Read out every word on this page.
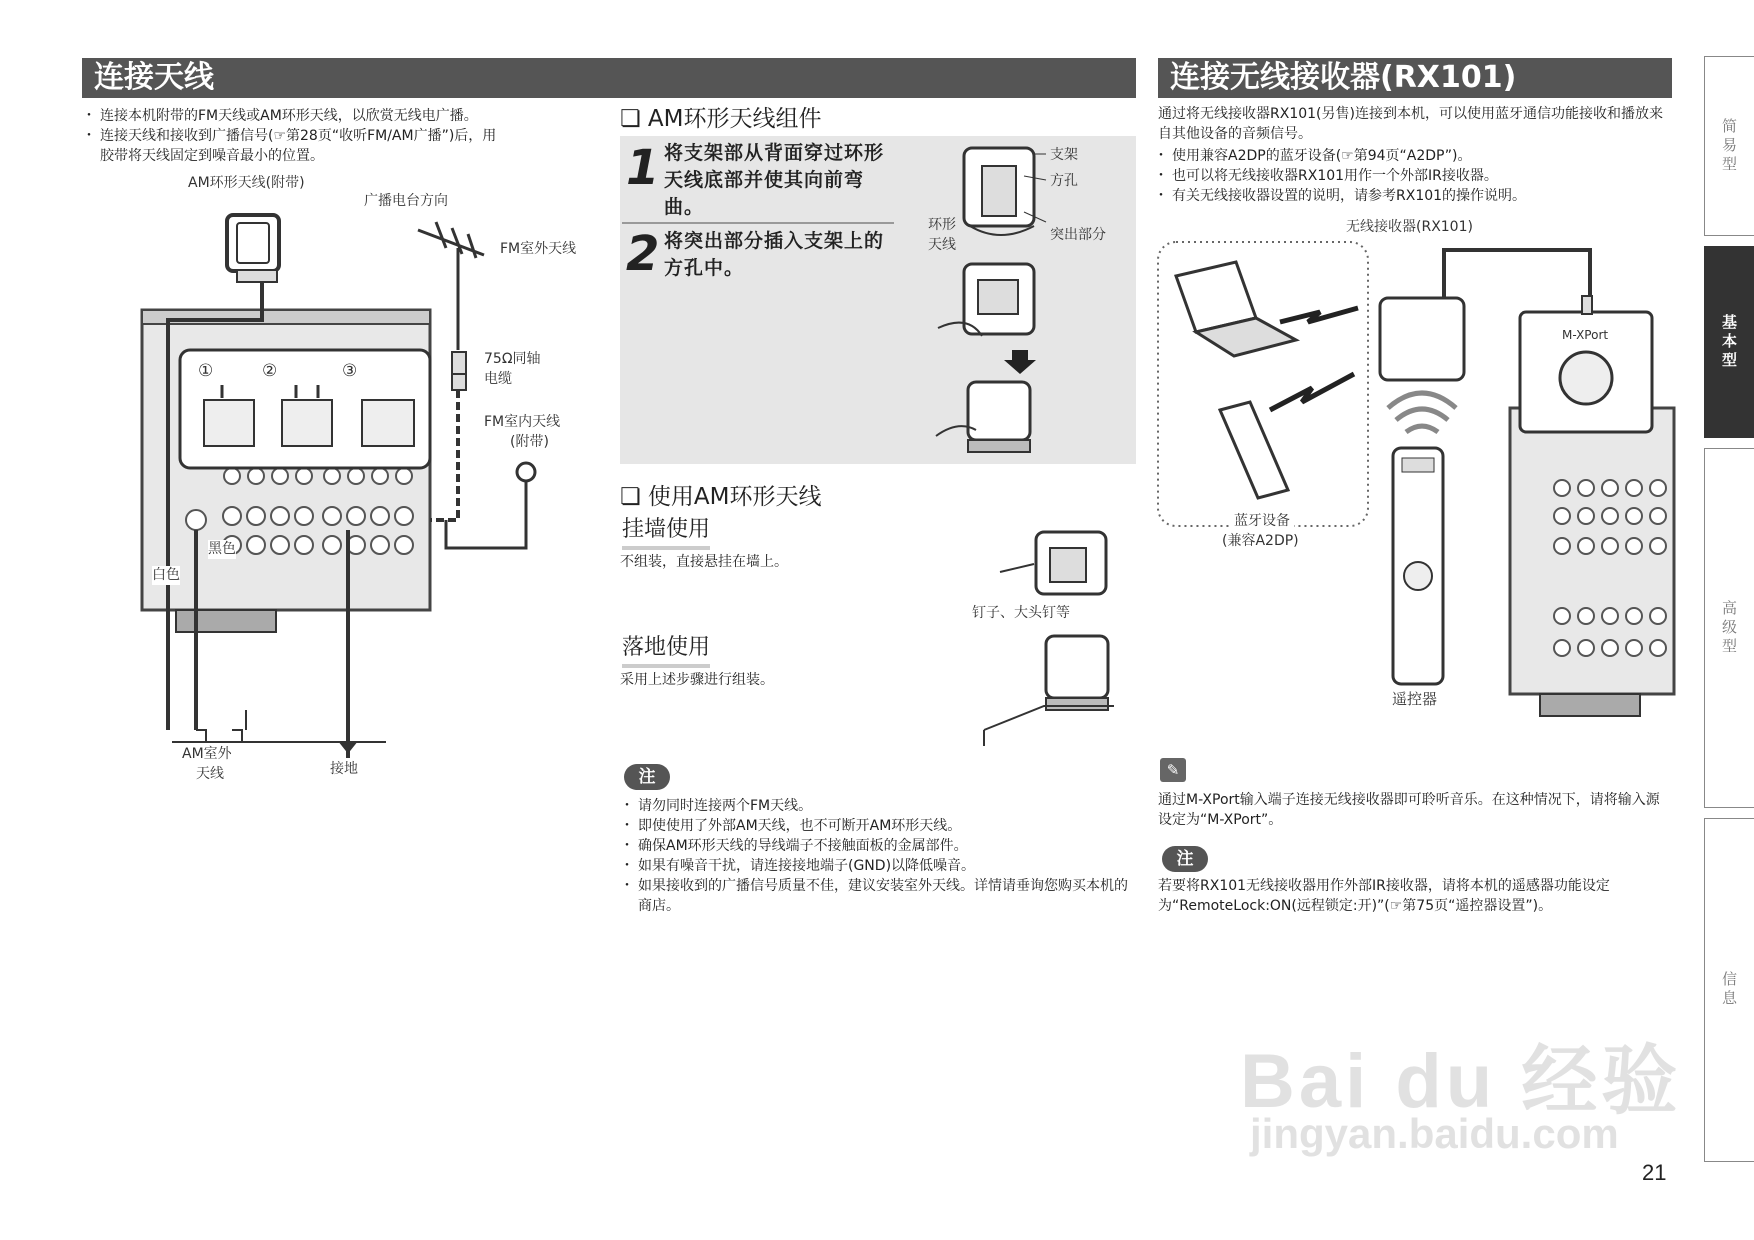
连接天线
・ 连接本机附带的FM天线或AM环形天线，以欣赏无线电广播。
・ 连接天线和接收到广播信号(☞第28页“收听FM/AM广播”)后，用
胶带将天线固定到噪音最小的位置。
AM环形天线(附带)
广播电台方向
FM室外天线
75Ω同轴
电缆
FM室内天线
(附带)
黑色
白色
①	②	③
AM室外
天线	接地
❏ AM环形天线组件
1 将支架部从背面穿过环形天线底部并使其向前弯曲。
2 将突出部分插入支架上的方孔中。
支架
方孔
环形
天线
突出部分
❏ 使用AM环形天线
挂墙使用
不组装，直接悬挂在墙上。
钉子、大头钉等
落地使用
采用上述步骤进行组装。
注
・ 请勿同时连接两个FM天线。
・ 即使使用了外部AM天线，也不可断开AM环形天线。
・ 确保AM环形天线的导线端子不接触面板的金属部件。
・ 如果有噪音干扰，请连接接地端子(GND)以降低噪音。
・ 如果接收到的广播信号质量不佳，建议安装室外天线。详情请垂询您购买本机的商店。
连接无线接收器(RX101)
通过将无线接收器RX101(另售)连接到本机，可以使用蓝牙通信功能接收和播放来自其他设备的音频信号。
・ 使用兼容A2DP的蓝牙设备(☞第94页“A2DP”)。
・ 也可以将无线接收器RX101用作一个外部IR接收器。
・ 有关无线接收器设置的说明，请参考RX101的操作说明。
无线接收器(RX101)
M-XPort
蓝牙设备
(兼容A2DP)
遥控器
✎
通过M-XPort输入端子连接无线接收器即可聆听音乐。在这种情况下，请将输入源设定为“M-XPort”。
注
若要将RX101无线接收器用作外部IR接收器，请将本机的遥感器功能设定为“RemoteLock:ON(远程锁定:开)”(☞第75页“遥控器设置”)。
简易型
基本型
高级型
信息
21
Bai du 经验
jingyan.baidu.com
